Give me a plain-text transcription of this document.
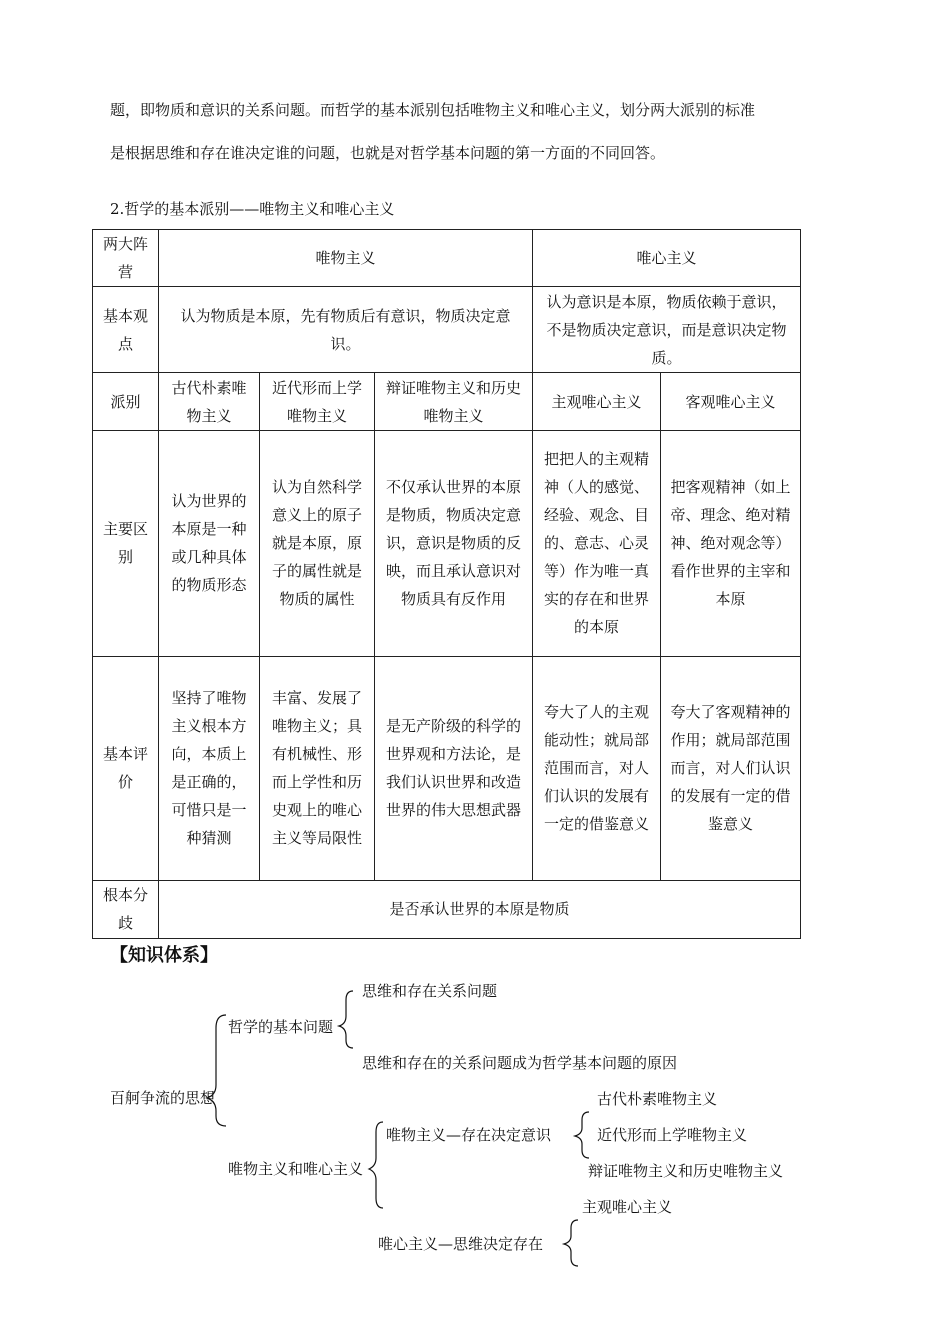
题，即物质和意识的关系问题。而哲学的基本派别包括唯物主义和唯心主义，划分两大派别的标准
是根据思维和存在谁决定谁的问题，也就是对哲学基本问题的第一方面的不同回答。
2.哲学的基本派别——唯物主义和唯心主义
两大阵营	唯物主义			唯心主义	
基本观点	认为物质是本原，先有物质后有意识，物质决定意识。			认为意识是本原，物质依赖于意识，不是物质决定意识，而是意识决定物质。	
派别	古代朴素唯物主义	近代形而上学唯物主义	辩证唯物主义和历史唯物主义	主观唯心主义	客观唯心主义
主要区别	认为世界的本原是一种或几种具体的物质形态	认为自然科学意义上的原子就是本原，原子的属性就是物质的属性	不仅承认世界的本原是物质，物质决定意识，意识是物质的反映，而且承认意识对物质具有反作用	把把人的主观精神（人的感觉、经验、观念、目的、意志、心灵等）作为唯一真实的存在和世界的本原	把客观精神（如上帝、理念、绝对精神、绝对观念等）看作世界的主宰和本原
基本评价	坚持了唯物主义根本方向，本质上是正确的，可惜只是一种猜测	丰富、发展了唯物主义；具有机械性、形而上学性和历史观上的唯心主义等局限性	是无产阶级的科学的世界观和方法论，是我们认识世界和改造世界的伟大思想武器	夸大了人的主观能动性；就局部范围而言，对人们认识的发展有一定的借鉴意义	夸大了客观精神的作用；就局部范围而言，对人们认识的发展有一定的借鉴意义
根本分歧	是否承认世界的本原是物质				
【知识体系】
百舸争流的思想
哲学的基本问题
思维和存在关系问题
思维和存在的关系问题成为哲学基本问题的原因
唯物主义和唯心主义
唯物主义—存在决定意识
古代朴素唯物主义
近代形而上学唯物主义
辩证唯物主义和历史唯物主义
唯心主义—思维决定存在
主观唯心主义
